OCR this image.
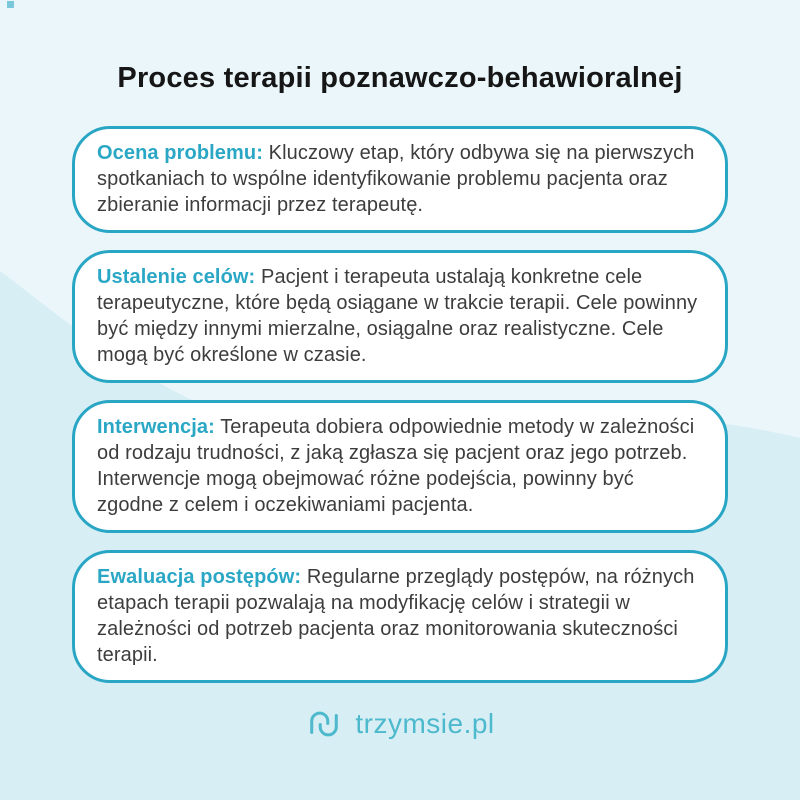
Proces terapii poznawczo-behawioralnej
Ocena problemu: Kluczowy etap, który odbywa się na pierwszych spotkaniach to wspólne identyfikowanie problemu pacjenta oraz zbieranie informacji przez terapeutę.
Ustalenie celów: Pacjent i terapeuta ustalają konkretne cele terapeutyczne, które będą osiągane w trakcie terapii. Cele powinny być między innymi mierzalne, osiągalne oraz realistyczne. Cele mogą być określone w czasie.
Interwencja: Terapeuta dobiera odpowiednie metody w zależności od rodzaju trudności, z jaką zgłasza się pacjent oraz jego potrzeb. Interwencje mogą obejmować różne podejścia, powinny być zgodne z celem i oczekiwaniami pacjenta.
Ewaluacja postępów: Regularne przeglądy postępów, na różnych etapach terapii pozwalają na modyfikację celów i strategii w zależności od potrzeb pacjenta oraz monitorowania skuteczności terapii.
trzymsie.pl
